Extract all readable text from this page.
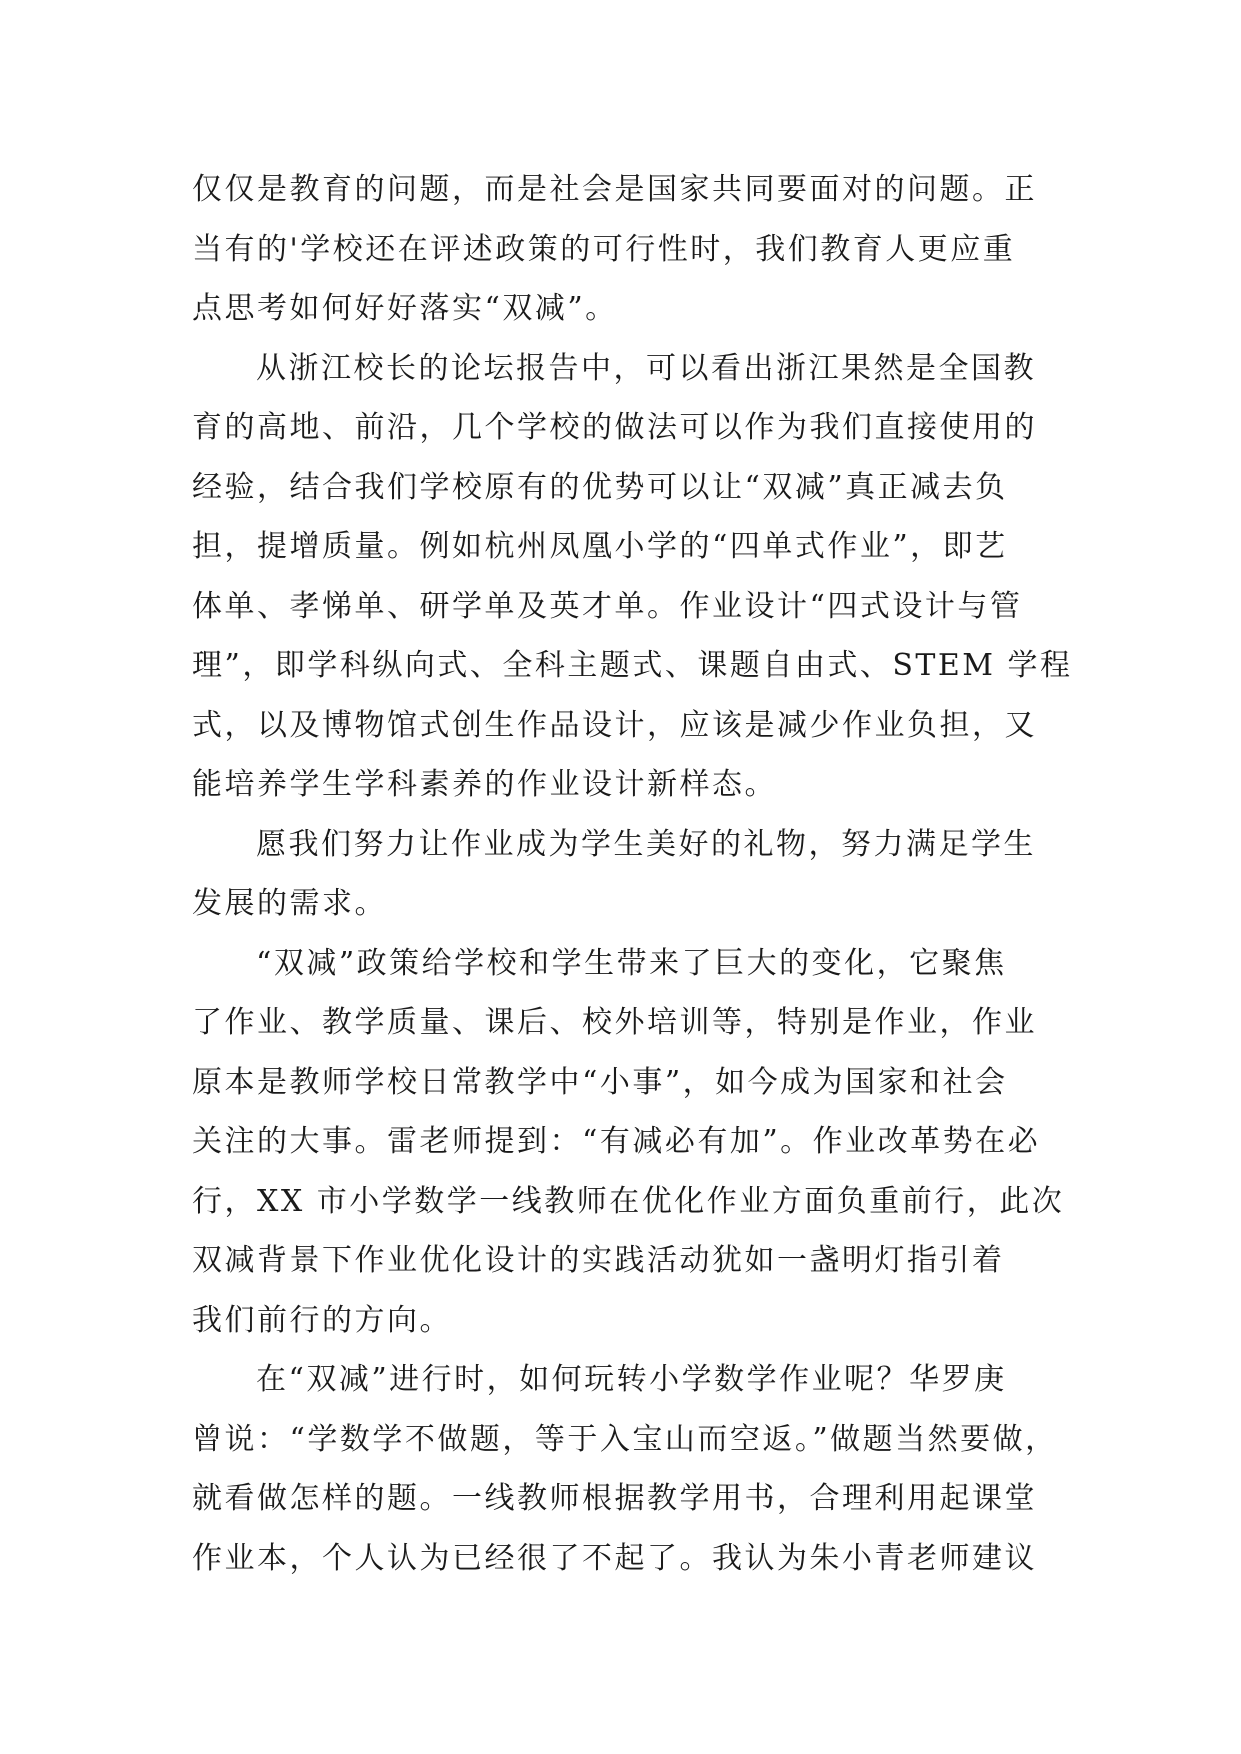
仅仅是教育的问题，而是社会是国家共同要面对的问题。正
当有的'学校还在评述政策的可行性时，我们教育人更应重
点思考如何好好落实“双减”。
从浙江校长的论坛报告中，可以看出浙江果然是全国教
育的高地、前沿，几个学校的做法可以作为我们直接使用的
经验，结合我们学校原有的优势可以让“双减”真正减去负
担，提增质量。例如杭州凤凰小学的“四单式作业”，即艺
体单、孝悌单、研学单及英才单。作业设计“四式设计与管
理”，即学科纵向式、全科主题式、课题自由式、STEM 学程
式，以及博物馆式创生作品设计，应该是减少作业负担，又
能培养学生学科素养的作业设计新样态。
愿我们努力让作业成为学生美好的礼物，努力满足学生
发展的需求。
“双减”政策给学校和学生带来了巨大的变化，它聚焦
了作业、教学质量、课后、校外培训等，特别是作业，作业
原本是教师学校日常教学中“小事”，如今成为国家和社会
关注的大事。雷老师提到：“有减必有加”。作业改革势在必
行，XX 市小学数学一线教师在优化作业方面负重前行，此次
双减背景下作业优化设计的实践活动犹如一盏明灯指引着
我们前行的方向。
在“双减”进行时，如何玩转小学数学作业呢？华罗庚
曾说：“学数学不做题，等于入宝山而空返。”做题当然要做，
就看做怎样的题。一线教师根据教学用书，合理利用起课堂
作业本，个人认为已经很了不起了。我认为朱小青老师建议
